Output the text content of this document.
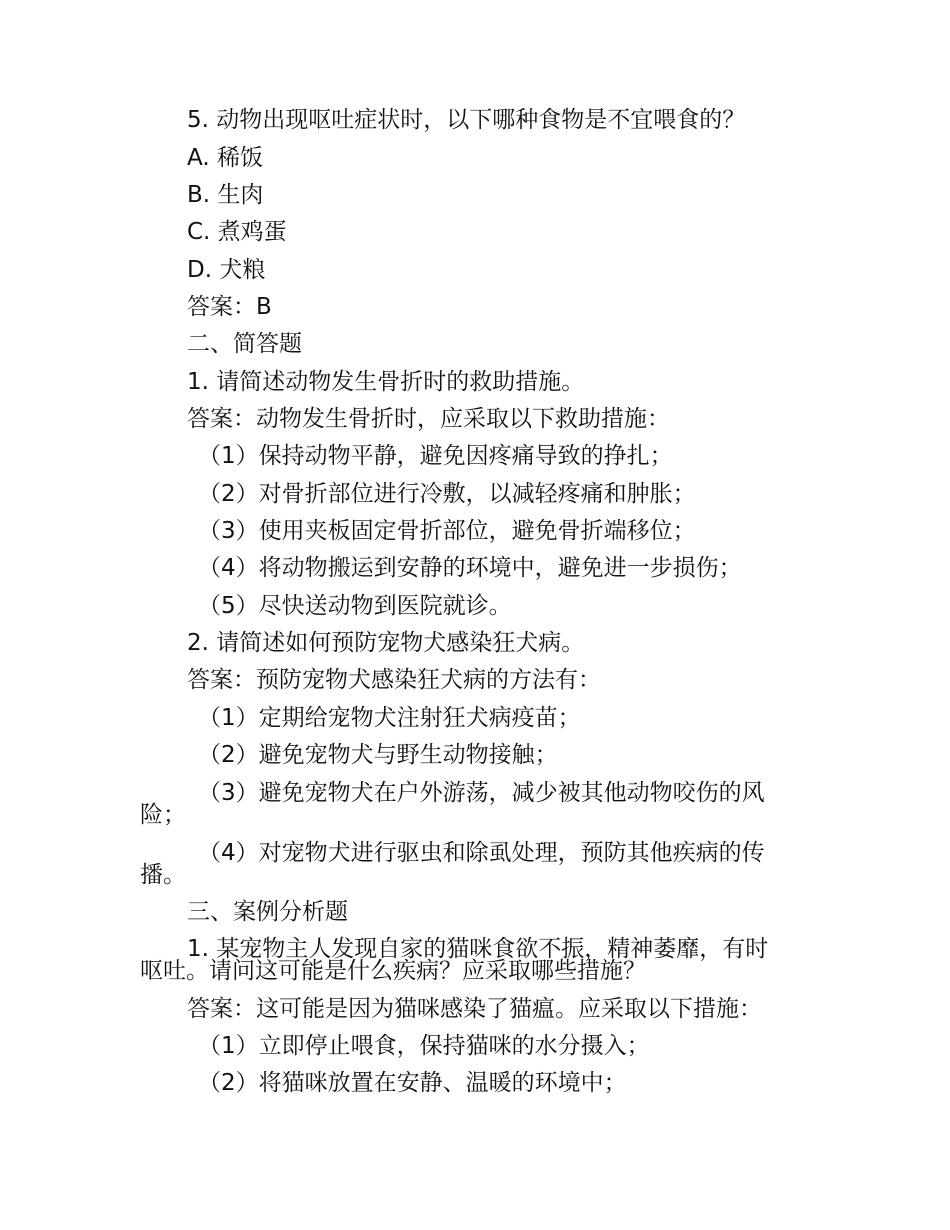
5. 动物出现呕吐症状时，以下哪种食物是不宜喂食的？
A. 稀饭
B. 生肉
C. 煮鸡蛋
D. 犬粮
答案：B
二、简答题
1. 请简述动物发生骨折时的救助措施。
答案：动物发生骨折时，应采取以下救助措施：
（1）保持动物平静，避免因疼痛导致的挣扎；
（2）对骨折部位进行冷敷，以减轻疼痛和肿胀；
（3）使用夹板固定骨折部位，避免骨折端移位；
（4）将动物搬运到安静的环境中，避免进一步损伤；
（5）尽快送动物到医院就诊。
2. 请简述如何预防宠物犬感染狂犬病。
答案：预防宠物犬感染狂犬病的方法有：
（1）定期给宠物犬注射狂犬病疫苗；
（2）避免宠物犬与野生动物接触；
（3）避免宠物犬在户外游荡，减少被其他动物咬伤的风
险；
（4）对宠物犬进行驱虫和除虱处理，预防其他疾病的传
播。
三、案例分析题
1. 某宠物主人发现自家的猫咪食欲不振，精神萎靡，有时
呕吐。请问这可能是什么疾病？应采取哪些措施？
答案：这可能是因为猫咪感染了猫瘟。应采取以下措施：
（1）立即停止喂食，保持猫咪的水分摄入；
（2）将猫咪放置在安静、温暖的环境中；
